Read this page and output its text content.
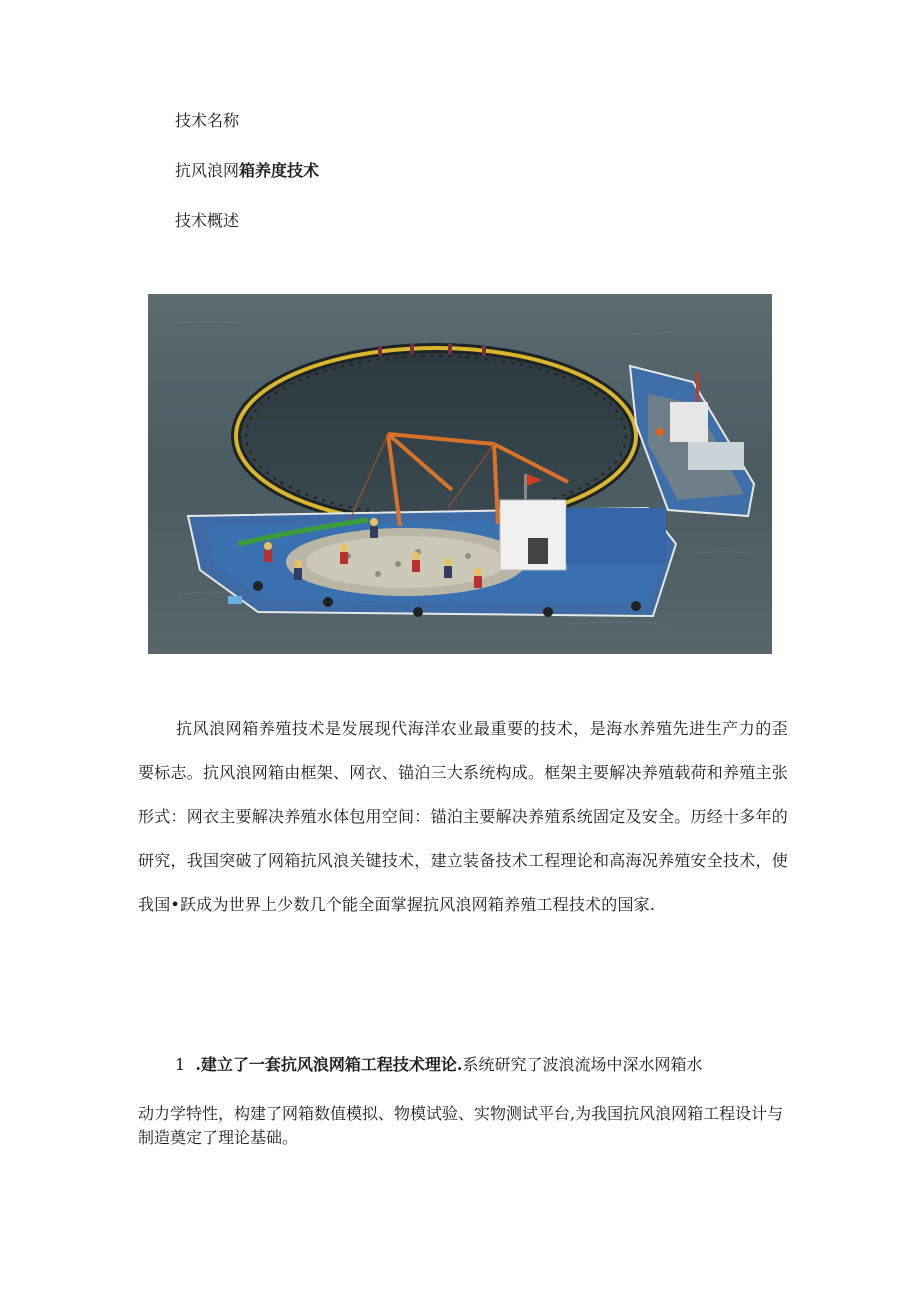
技术名称

抗风浪网箱养度技术

技术概述

抗风浪网箱养殖技术是发展现代海洋农业最重要的技术，是海水养殖先进生产力的歪要标志。抗风浪网箱由框架、网衣、锚泊三大系统构成。框架主要解决养殖载荷和养殖主张形式：网衣主要解决养殖水体包用空间：锚泊主要解决养殖系统固定及安全。历经十多年的研究，我国突破了网箱抗风浪关键技术，建立装备技术工程理论和高海况养殖安全技术，使我国•跃成为世界上少数几个能全面掌握抗风浪网箱养殖工程技术的国家.

1 .建立了一套抗风浪网箱工程技术理论.系统研究了波浪流场中深水网箱水

动力学特性，构建了网箱数值模拟、物模试验、实物测试平台,为我国抗风浪网箱工程设计与制造奠定了理论基础。
